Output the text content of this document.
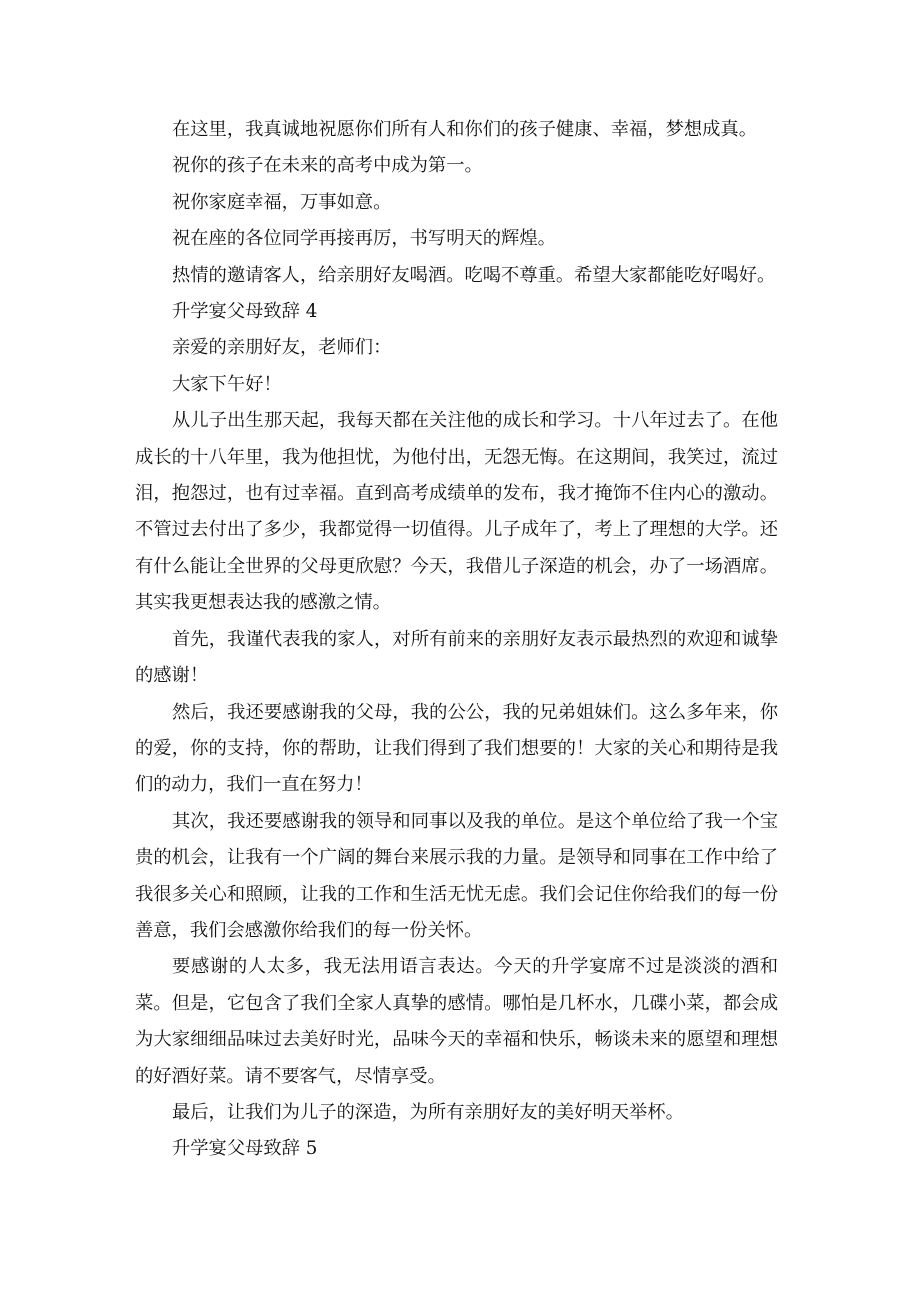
在这里，我真诚地祝愿你们所有人和你们的孩子健康、幸福，梦想成真。

祝你的孩子在未来的高考中成为第一。

祝你家庭幸福，万事如意。

祝在座的各位同学再接再厉，书写明天的辉煌。

热情的邀请客人，给亲朋好友喝酒。吃喝不尊重。希望大家都能吃好喝好。

升学宴父母致辞 4

亲爱的亲朋好友，老师们：

大家下午好！

从儿子出生那天起，我每天都在关注他的成长和学习。十八年过去了。在他成长的十八年里，我为他担忧，为他付出，无怨无悔。在这期间，我笑过，流过泪，抱怨过，也有过幸福。直到高考成绩单的发布，我才掩饰不住内心的激动。不管过去付出了多少，我都觉得一切值得。儿子成年了，考上了理想的大学。还有什么能让全世界的父母更欣慰？今天，我借儿子深造的机会，办了一场酒席。其实我更想表达我的感激之情。

首先，我谨代表我的家人，对所有前来的亲朋好友表示最热烈的欢迎和诚挚的感谢！

然后，我还要感谢我的父母，我的公公，我的兄弟姐妹们。这么多年来，你的爱，你的支持，你的帮助，让我们得到了我们想要的！大家的关心和期待是我们的动力，我们一直在努力！

其次，我还要感谢我的领导和同事以及我的单位。是这个单位给了我一个宝贵的机会，让我有一个广阔的舞台来展示我的力量。是领导和同事在工作中给了我很多关心和照顾，让我的工作和生活无忧无虑。我们会记住你给我们的每一份善意，我们会感激你给我们的每一份关怀。

要感谢的人太多，我无法用语言表达。今天的升学宴席不过是淡淡的酒和菜。但是，它包含了我们全家人真挚的感情。哪怕是几杯水，几碟小菜，都会成为大家细细品味过去美好时光，品味今天的幸福和快乐，畅谈未来的愿望和理想的好酒好菜。请不要客气，尽情享受。

最后，让我们为儿子的深造，为所有亲朋好友的美好明天举杯。

升学宴父母致辞 5
